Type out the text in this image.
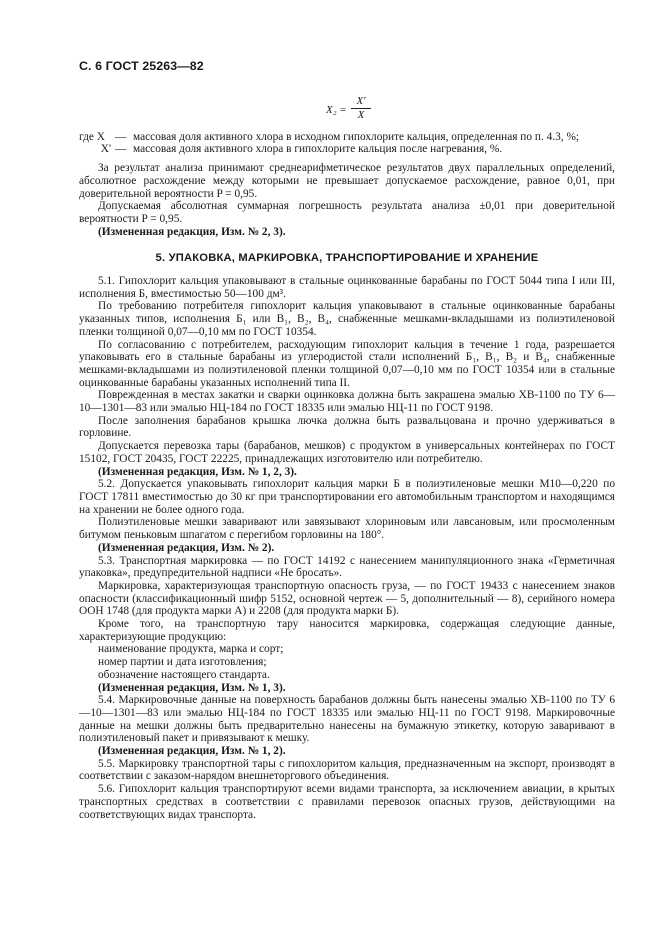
С. 6 ГОСТ 25263—82
$X_2 = \frac{X'}{X}$
где X — массовая доля активного хлора в исходном гипохлорите кальция, определенная по п. 4.3, %;
X' — массовая доля активного хлора в гипохлорите кальция после нагревания, %.

За результат анализа принимают среднеарифметическое результатов двух параллельных определений, абсолютное расхождение между которыми не превышает допускаемое расхождение, равное 0,01, при доверительной вероятности P = 0,95.

Допускаемая абсолютная суммарная погрешность результата анализа ±0,01 при доверительной вероятности P = 0,95.

(Измененная редакция, Изм. № 2, 3).

5. УПАКОВКА, МАРКИРОВКА, ТРАНСПОРТИРОВАНИЕ И ХРАНЕНИЕ

5.1. Гипохлорит кальция упаковывают в стальные оцинкованные барабаны по ГОСТ 5044 типа I или III, исполнения Б, вместимостью 50—100 дм³.

По требованию потребителя гипохлорит кальция упаковывают в стальные оцинкованные барабаны указанных типов, исполнения Б₁ или В₁, В₂, В₄, снабженные мешками-вкладышами из полиэтиленовой пленки толщиной 0,07—0,10 мм по ГОСТ 10354.

По согласованию с потребителем, расходующим гипохлорит кальция в течение 1 года, разрешается упаковывать его в стальные барабаны из углеродистой стали исполнений Б₁, В₁, В₂ и В₄, снабженные мешками-вкладышами из полиэтиленовой пленки толщиной 0,07—0,10 мм по ГОСТ 10354 или в стальные оцинкованные барабаны указанных исполнений типа II.

Поврежденная в местах закатки и сварки оцинковка должна быть закрашена эмалью ХВ-1100 по ТУ 6—10—1301—83 или эмалью НЦ-184 по ГОСТ 18335 или эмалью НЦ-11 по ГОСТ 9198.

После заполнения барабанов крышка лючка должна быть развальцована и прочно удерживаться в горловине.

Допускается перевозка тары (барабанов, мешков) с продуктом в универсальных контейнерах по ГОСТ 15102, ГОСТ 20435, ГОСТ 22225, принадлежащих изготовителю или потребителю.

(Измененная редакция, Изм. № 1, 2, 3).

5.2. Допускается упаковывать гипохлорит кальция марки Б в полиэтиленовые мешки М10—0,220 по ГОСТ 17811 вместимостью до 30 кг при транспортировании его автомобильным транспортом и находящимся на хранении не более одного года.

Полиэтиленовые мешки заваривают или завязывают хлориновым или лавсановым, или просмоленным битумом пеньковым шпагатом с перегибом горловины на 180°.

(Измененная редакция, Изм. № 2).

5.3. Транспортная маркировка — по ГОСТ 14192 с нанесением манипуляционного знака «Герметичная упаковка», предупредительной надписи «Не бросать».

Маркировка, характеризующая транспортную опасность груза, — по ГОСТ 19433 с нанесением знаков опасности (классификационный шифр 5152, основной чертеж — 5, дополнительный — 8), серийного номера ООН 1748 (для продукта марки А) и 2208 (для продукта марки Б).

Кроме того, на транспортную тару наносится маркировка, содержащая следующие данные, характеризующие продукцию:

наименование продукта, марка и сорт;
номер партии и дата изготовления;
обозначение настоящего стандарта.

(Измененная редакция, Изм. № 1, 3).

5.4. Маркировочные данные на поверхность барабанов должны быть нанесены эмалью ХВ-1100 по ТУ 6—10—1301—83 или эмалью НЦ-184 по ГОСТ 18335 или эмалью НЦ-11 по ГОСТ 9198. Маркировочные данные на мешки должны быть предварительно нанесены на бумажную этикетку, которую заваривают в полиэтиленовый пакет и привязывают к мешку.

(Измененная редакция, Изм. № 1, 2).

5.5. Маркировку транспортной тары с гипохлоритом кальция, предназначенным на экспорт, производят в соответствии с заказом-нарядом внешнеторгового объединения.

5.6. Гипохлорит кальция транспортируют всеми видами транспорта, за исключением авиации, в крытых транспортных средствах в соответствии с правилами перевозок опасных грузов, действующими на соответствующих видах транспорта.
